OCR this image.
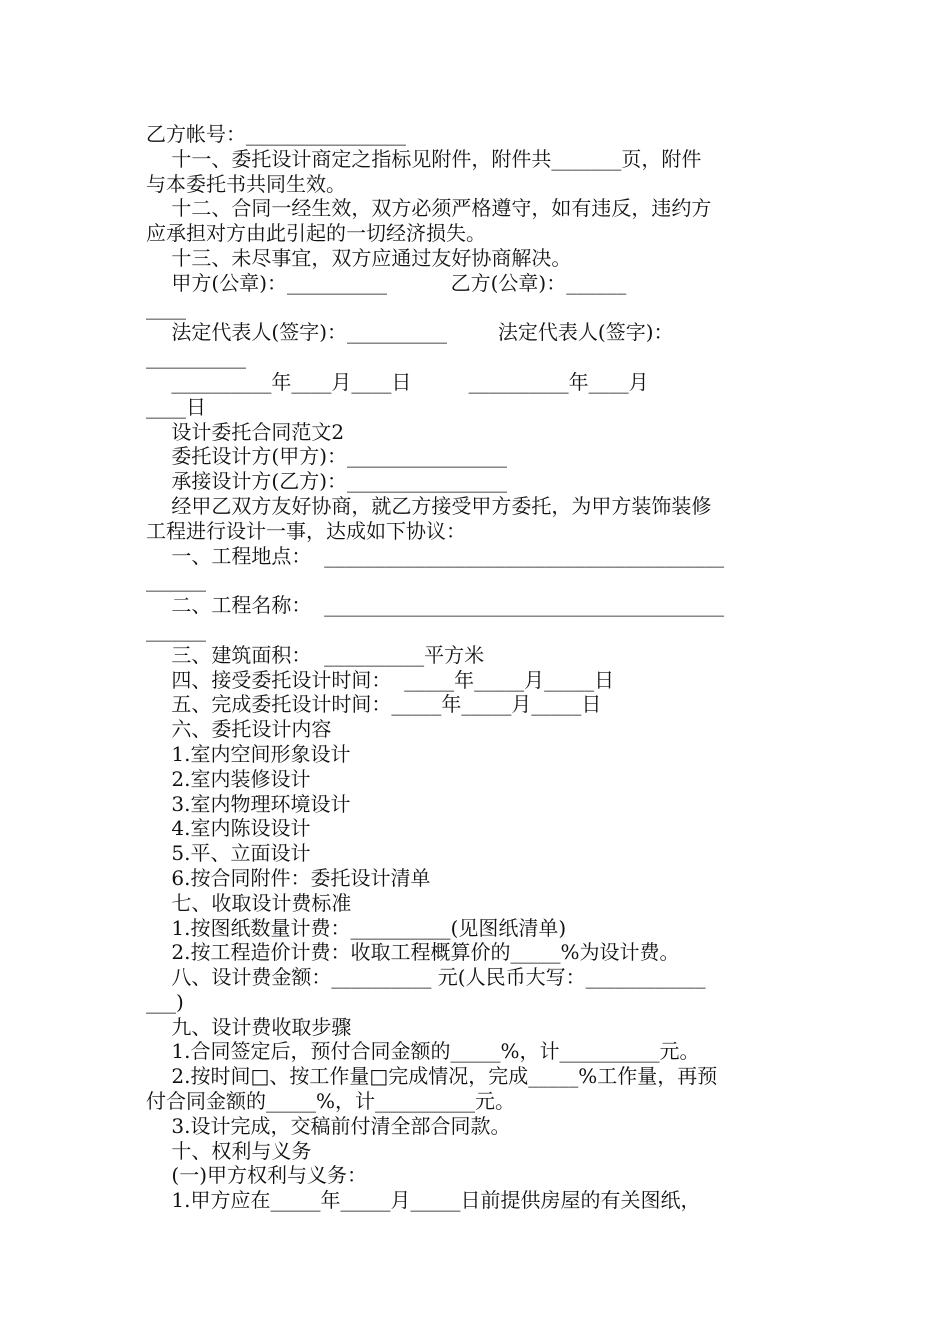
乙方帐号：________________
十一、委托设计商定之指标见附件，附件共_______页，附件
与本委托书共同生效。
十二、合同一经生效，双方必须严格遵守，如有违反，违约方
应承担对方由此引起的一切经济损失。
十三、未尽事宜，双方应通过友好协商解决。
甲方(公章)：__________          乙方(公章)：______
____
法定代表人(签字)：__________        法定代表人(签字)：
__________
__________年____月____日         __________年____月
____日
设计委托合同范文2
委托设计方(甲方)：________________
承接设计方(乙方)：________________
经甲乙双方友好协商，就乙方接受甲方委托，为甲方装饰装修
工程进行设计一事，达成如下协议：
一、工程地点：  ________________________________________
______
二、工程名称：  ________________________________________
______
三、建筑面积：  __________平方米
四、接受委托设计时间：  _____年_____月_____日
五、完成委托设计时间：_____年_____月_____日
六、委托设计内容
1.室内空间形象设计
2.室内装修设计
3.室内物理环境设计
4.室内陈设设计
5.平、立面设计
6.按合同附件：委托设计清单
七、收取设计费标准
1.按图纸数量计费：__________(见图纸清单)
2.按工程造价计费：收取工程概算价的_____%为设计费。
八、设计费金额：__________ 元(人民币大写：____________
___)
九、设计费收取步骤
1.合同签定后，预付合同金额的_____%，计__________元。
2.按时间□、按工作量□完成情况，完成_____%工作量，再预
付合同金额的_____%，计__________元。
3.设计完成，交稿前付清全部合同款。
十、权利与义务
(一)甲方权利与义务：
1.甲方应在_____年_____月_____日前提供房屋的有关图纸，
